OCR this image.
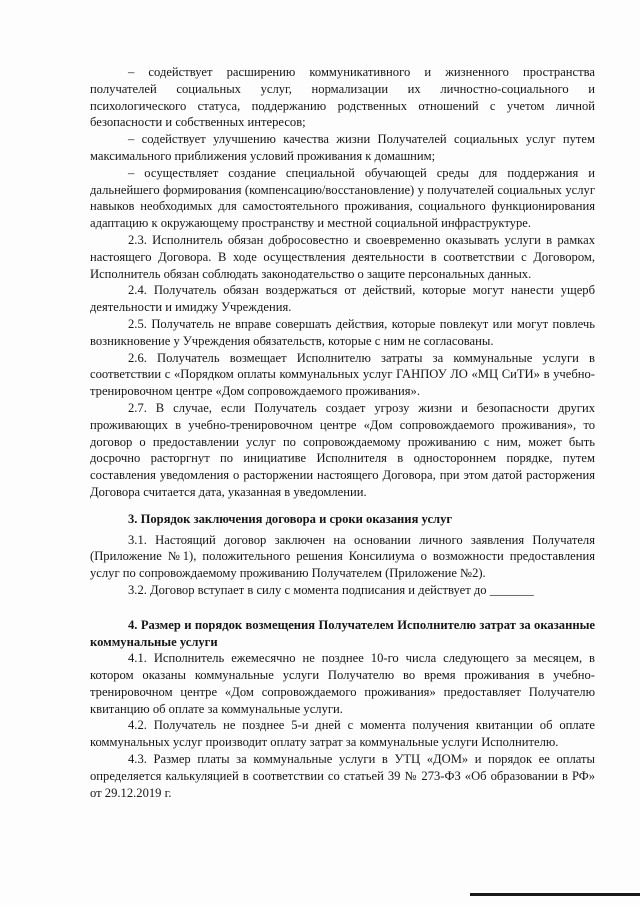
– содействует расширению коммуникативного и жизненного пространства получателей социальных услуг, нормализации их личностно-социального и психологического статуса, поддержанию родственных отношений с учетом личной безопасности и собственных интересов;

– содействует улучшению качества жизни Получателей социальных услуг путем максимального приближения условий проживания к домашним;

– осуществляет создание специальной обучающей среды для поддержания и дальнейшего формирования (компенсацию/восстановление) у получателей социальных услуг навыков необходимых для самостоятельного проживания, социального функционирования адаптацию к окружающему пространству и местной социальной инфраструктуре.

2.3. Исполнитель обязан добросовестно и своевременно оказывать услуги в рамках настоящего Договора. В ходе осуществления деятельности в соответствии с Договором, Исполнитель обязан соблюдать законодательство о защите персональных данных.

2.4. Получатель обязан воздержаться от действий, которые могут нанести ущерб деятельности и имиджу Учреждения.

2.5. Получатель не вправе совершать действия, которые повлекут или могут повлечь возникновение у Учреждения обязательств, которые с ним не согласованы.

2.6. Получатель возмещает Исполнителю затраты за коммунальные услуги в соответствии с «Порядком оплаты коммунальных услуг ГАНПОУ ЛО «МЦ СиТИ» в учебно-тренировочном центре «Дом сопровождаемого проживания».

2.7. В случае, если Получатель создает угрозу жизни и безопасности других проживающих в учебно-тренировочном центре «Дом сопровождаемого проживания», то договор о предоставлении услуг по сопровождаемому проживанию с ним, может быть досрочно расторгнут по инициативе Исполнителя в одностороннем порядке, путем составления уведомления о расторжении настоящего Договора, при этом датой расторжения Договора считается дата, указанная в уведомлении.

3. Порядок заключения договора и сроки оказания услуг

3.1. Настоящий договор заключен на основании личного заявления Получателя (Приложение №1), положительного решения Консилиума о возможности предоставления услуг по сопровождаемому проживанию Получателем (Приложение №2).

3.2. Договор вступает в силу с момента подписания и действует до _______

4. Размер и порядок возмещения Получателем Исполнителю затрат за оказанные коммунальные услуги

4.1. Исполнитель ежемесячно не позднее 10-го числа следующего за месяцем, в котором оказаны коммунальные услуги Получателю во время проживания в учебно-тренировочном центре «Дом сопровождаемого проживания» предоставляет Получателю квитанцию об оплате за коммунальные услуги.

4.2. Получатель не позднее 5-и дней с момента получения квитанции об оплате коммунальных услуг производит оплату затрат за коммунальные услуги Исполнителю.

4.3. Размер платы за коммунальные услуги в УТЦ «ДОМ» и порядок ее оплаты определяется калькуляцией в соответствии со статьей 39 № 273-ФЗ «Об образовании в РФ» от 29.12.2019 г.
